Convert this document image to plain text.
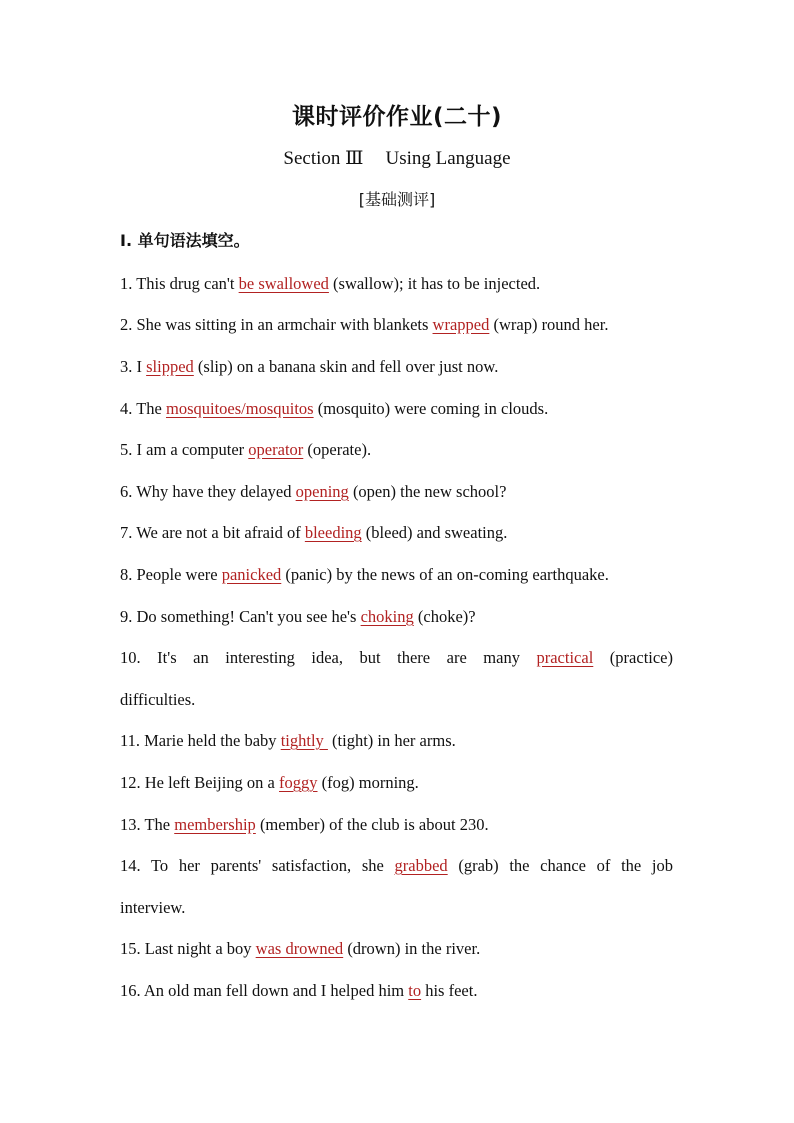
课时评价作业(二十)
Section Ⅲ Using Language
[基础测评]
Ⅰ. 单句语法填空。
1. This drug can't be swallowed (swallow); it has to be injected.
2. She was sitting in an armchair with blankets wrapped (wrap) round her.
3. I slipped (slip) on a banana skin and fell over just now.
4. The mosquitoes/mosquitos (mosquito) were coming in clouds.
5. I am a computer operator (operate).
6. Why have they delayed opening (open) the new school?
7. We are not a bit afraid of bleeding (bleed) and sweating.
8. People were panicked (panic) by the news of an on-coming earthquake.
9. Do something! Can't you see he's choking (choke)?
10. It's an interesting idea, but there are many practical (practice)
difficulties.
11. Marie held the baby tightly  (tight) in her arms.
12. He left Beijing on a foggy (fog) morning.
13. The membership (member) of the club is about 230.
14. To her parents' satisfaction, she grabbed (grab) the chance of the job
interview.
15. Last night a boy was drowned (drown) in the river.
16. An old man fell down and I helped him to his feet.
